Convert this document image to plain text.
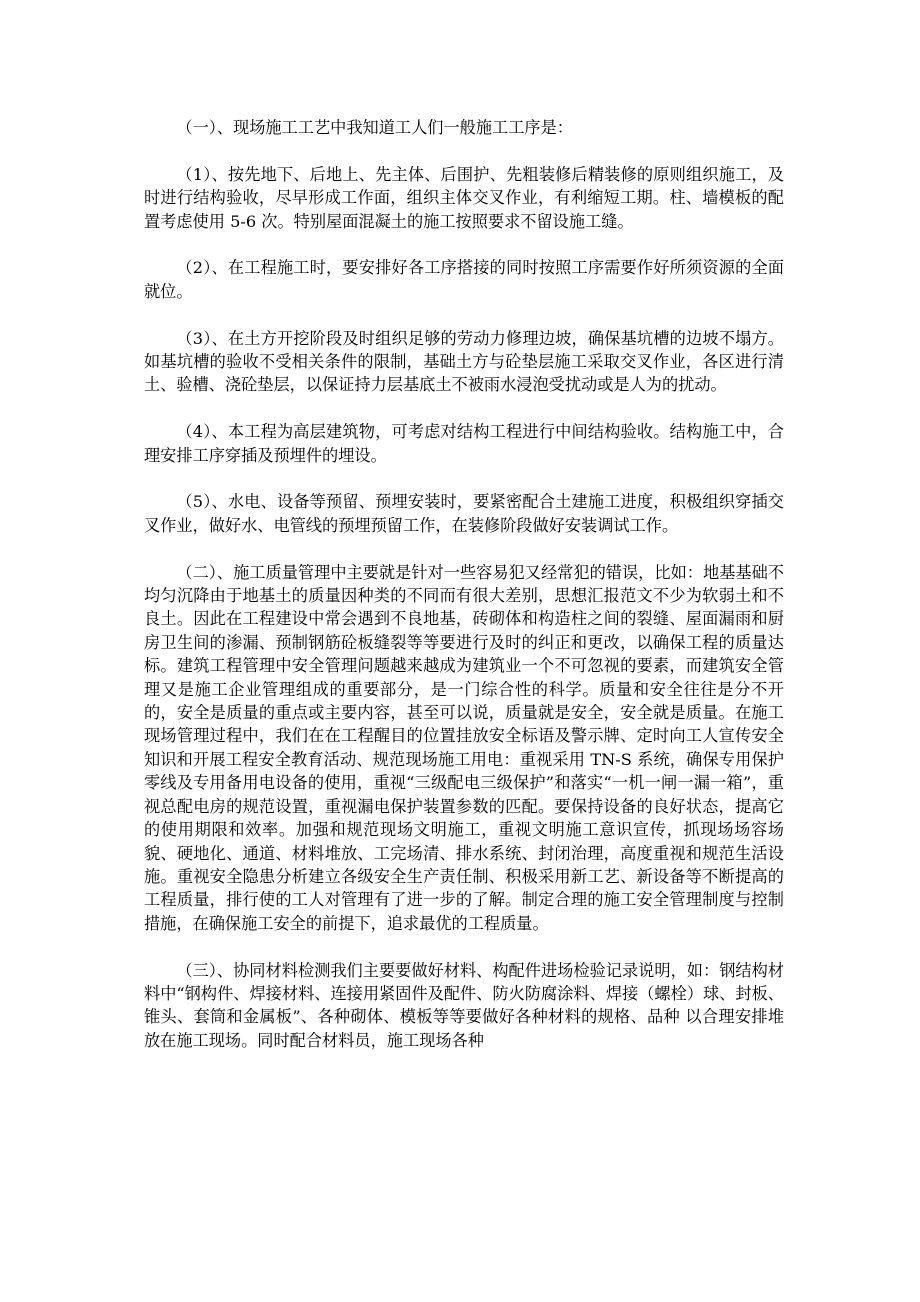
（一）、现场施工工艺中我知道工人们一般施工工序是：

（1）、按先地下、后地上、先主体、后围护、先粗装修后精装修的原则组织施工，及时进行结构验收，尽早形成工作面，组织主体交叉作业，有利缩短工期。柱、墙模板的配置考虑使用 5-6 次。特别屋面混凝土的施工按照要求不留设施工缝。

（2）、在工程施工时，要安排好各工序搭接的同时按照工序需要作好所须资源的全面就位。

（3）、在土方开挖阶段及时组织足够的劳动力修理边坡，确保基坑槽的边坡不塌方。如基坑槽的验收不受相关条件的限制，基础土方与砼垫层施工采取交叉作业，各区进行清土、验槽、浇砼垫层，以保证持力层基底土不被雨水浸泡受扰动或是人为的扰动。

（4）、本工程为高层建筑物，可考虑对结构工程进行中间结构验收。结构施工中，合理安排工序穿插及预埋件的埋设。

（5）、水电、设备等预留、预埋安装时，要紧密配合土建施工进度，积极组织穿插交叉作业，做好水、电管线的预埋预留工作，在装修阶段做好安装调试工作。

（二）、施工质量管理中主要就是针对一些容易犯又经常犯的错误，比如：地基基础不均匀沉降由于地基土的质量因种类的不同而有很大差别，思想汇报范文不少为软弱土和不良土。因此在工程建设中常会遇到不良地基，砖砌体和构造柱之间的裂缝、屋面漏雨和厨房卫生间的渗漏、预制钢筋砼板缝裂等等要进行及时的纠正和更改，以确保工程的质量达标。建筑工程管理中安全管理问题越来越成为建筑业一个不可忽视的要素，而建筑安全管理又是施工企业管理组成的重要部分，是一门综合性的科学。质量和安全往往是分不开的，安全是质量的重点或主要内容，甚至可以说，质量就是安全，安全就是质量。在施工现场管理过程中，我们在在工程醒目的位置挂放安全标语及警示牌、定时向工人宣传安全知识和开展工程安全教育活动、规范现场施工用电：重视采用 TN-S 系统，确保专用保护零线及专用备用电设备的使用，重视“三级配电三级保护”和落实“一机一闸一漏一箱”，重视总配电房的规范设置，重视漏电保护装置参数的匹配。要保持设备的良好状态，提高它的使用期限和效率。加强和规范现场文明施工，重视文明施工意识宣传，抓现场场容场貌、硬地化、通道、材料堆放、工完场清、排水系统、封闭治理，高度重视和规范生活设施。重视安全隐患分析建立各级安全生产责任制、积极采用新工艺、新设备等不断提高的工程质量，排行使的工人对管理有了进一步的了解。制定合理的施工安全管理制度与控制措施，在确保施工安全的前提下，追求最优的工程质量。

（三）、协同材料检测我们主要要做好材料、构配件进场检验记录说明，如：钢结构材料中“钢构件、焊接材料、连接用紧固件及配件、防火防腐涂料、焊接（螺栓）球、封板、锥头、套筒和金属板”、各种砌体、模板等等要做好各种材料的规格、品种 以合理安排堆放在施工现场。同时配合材料员，施工现场各种
